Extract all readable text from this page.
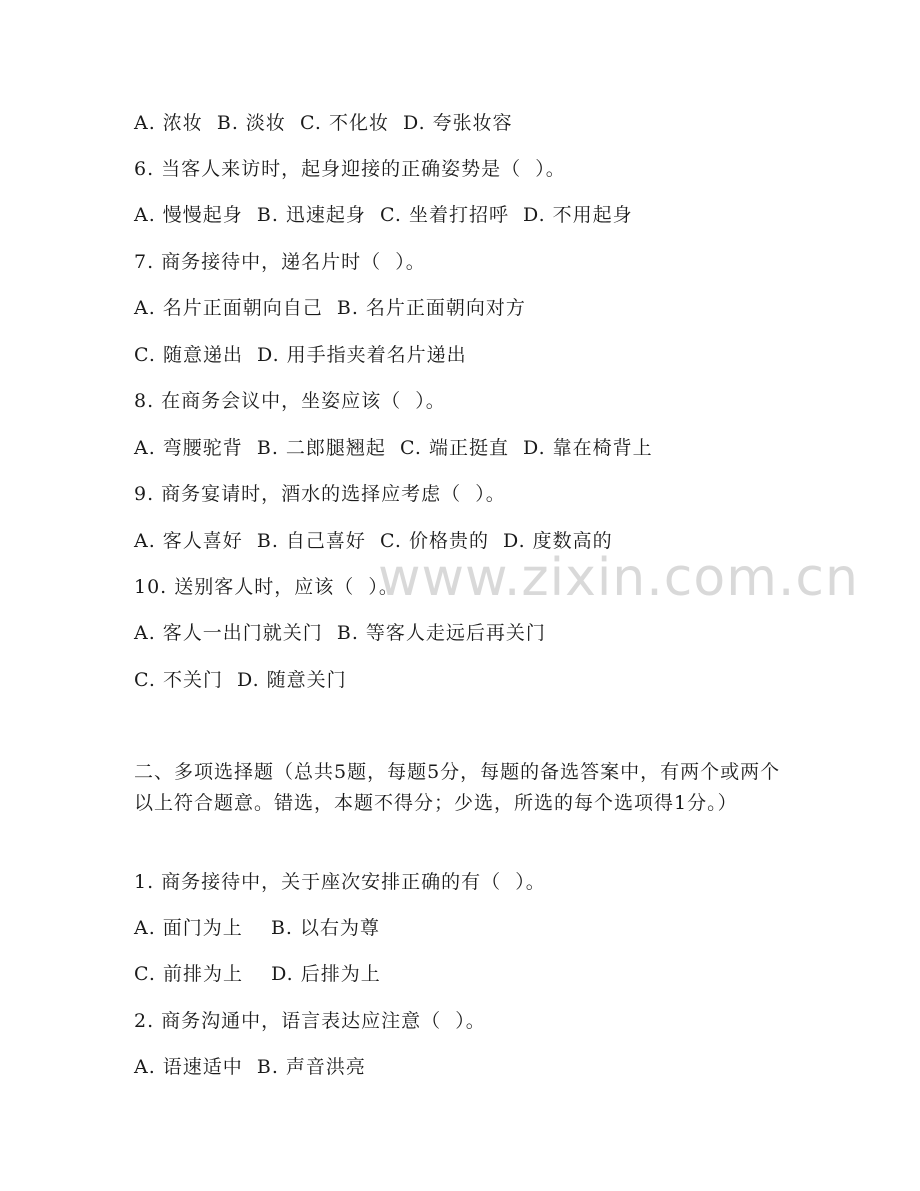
A. 浓妆  B. 淡妆  C. 不化妆  D. 夸张妆容
6. 当客人来访时，起身迎接的正确姿势是（  ）。
A. 慢慢起身  B. 迅速起身  C. 坐着打招呼  D. 不用起身
7. 商务接待中，递名片时（  ）。
A. 名片正面朝向自己  B. 名片正面朝向对方
C. 随意递出  D. 用手指夹着名片递出
8. 在商务会议中，坐姿应该（  ）。
A. 弯腰驼背  B. 二郎腿翘起  C. 端正挺直  D. 靠在椅背上
9. 商务宴请时，酒水的选择应考虑（  ）。
A. 客人喜好  B. 自己喜好  C. 价格贵的  D. 度数高的
10. 送别客人时，应该（  ）。
A. 客人一出门就关门  B. 等客人走远后再关门
C. 不关门  D. 随意关门
二、多项选择题（总共5题，每题5分，每题的备选答案中，有两个或两个以上符合题意。错选，本题不得分；少选，所选的每个选项得1分。）
1. 商务接待中，关于座次安排正确的有（  ）。
A. 面门为上    B. 以右为尊
C. 前排为上    D. 后排为上
2. 商务沟通中，语言表达应注意（  ）。
A. 语速适中  B. 声音洪亮
www.zixin.com.cn
